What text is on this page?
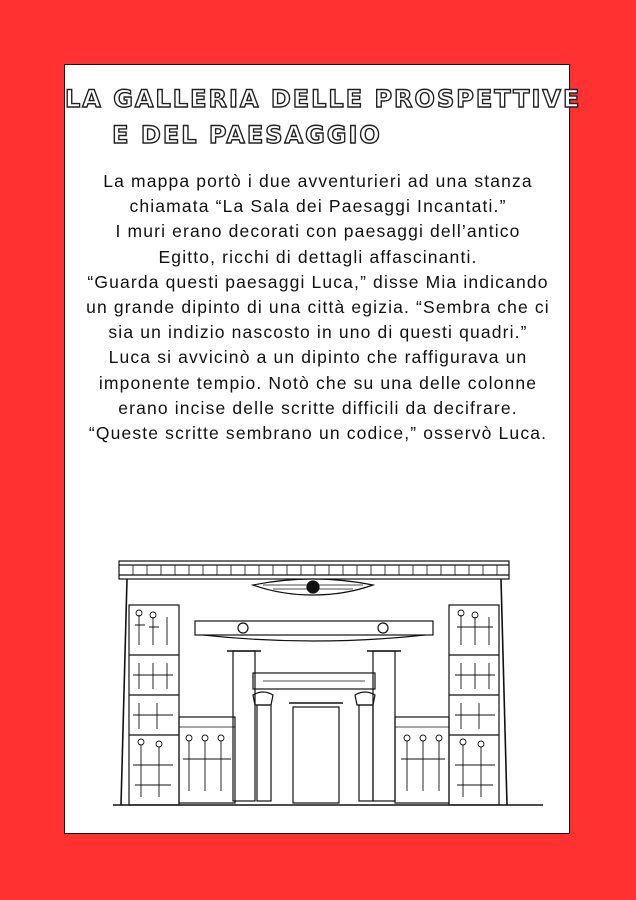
LA GALLERIA DELLE PROSPETTIVE
E DEL PAESAGGIO

La mappa portò i due avventurieri ad una stanza chiamata “La Sala dei Paesaggi Incantati.”

I muri erano decorati con paesaggi dell’antico Egitto, ricchi di dettagli affascinanti.

“Guarda questi paesaggi Luca,” disse Mia indicando un grande dipinto di una città egizia. “Sembra che ci sia un indizio nascosto in uno di questi quadri.”

Luca si avvicinò a un dipinto che raffigurava un imponente tempio. Notò che su una delle colonne erano incise delle scritte difficili da decifrare. “Queste scritte sembrano un codice,” osservò Luca.
